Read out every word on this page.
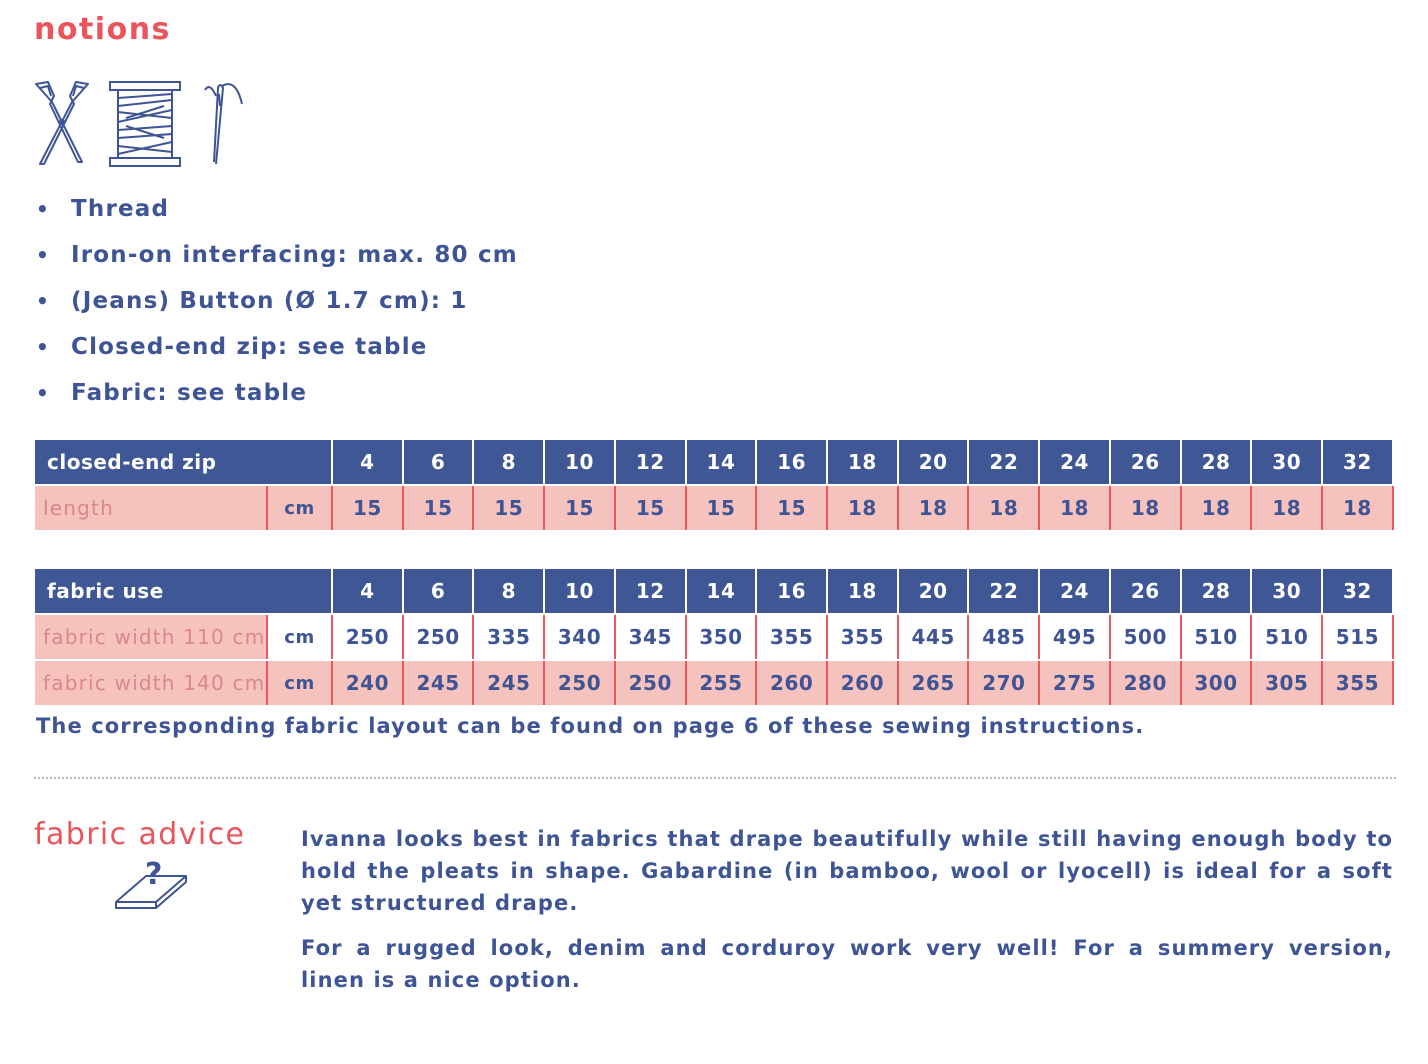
notions
• Thread
• Iron-on interfacing: max. 80 cm
• (Jeans) Button (Ø 1.7 cm): 1
• Closed-end zip: see table
• Fabric: see table
closed-end zip		4	6	8	10	12	14	16	18	20	22	24	26	28	30	32

length	cm	15	15	15	15	15	15	15	18	18	18	18	18	18	18	18
fabric use		4	6	8	10	12	14	16	18	20	22	24	26	28	30	32

fabric width 110 cm	cm	250	250	335	340	345	350	355	355	445	485	495	500	510	510	515

fabric width 140 cm	cm	240	245	245	250	250	255	260	260	265	270	275	280	300	305	355
The corresponding fabric layout can be found on page 6 of these sewing instructions.
fabric advice
?

Ivanna looks best in fabrics that drape beautifully while still having enough body to hold the pleats in shape. Gabardine (in bamboo, wool or lyocell) is ideal for a soft yet structured drape.

For a rugged look, denim and corduroy work very well! For a summery version, linen is a nice option.
